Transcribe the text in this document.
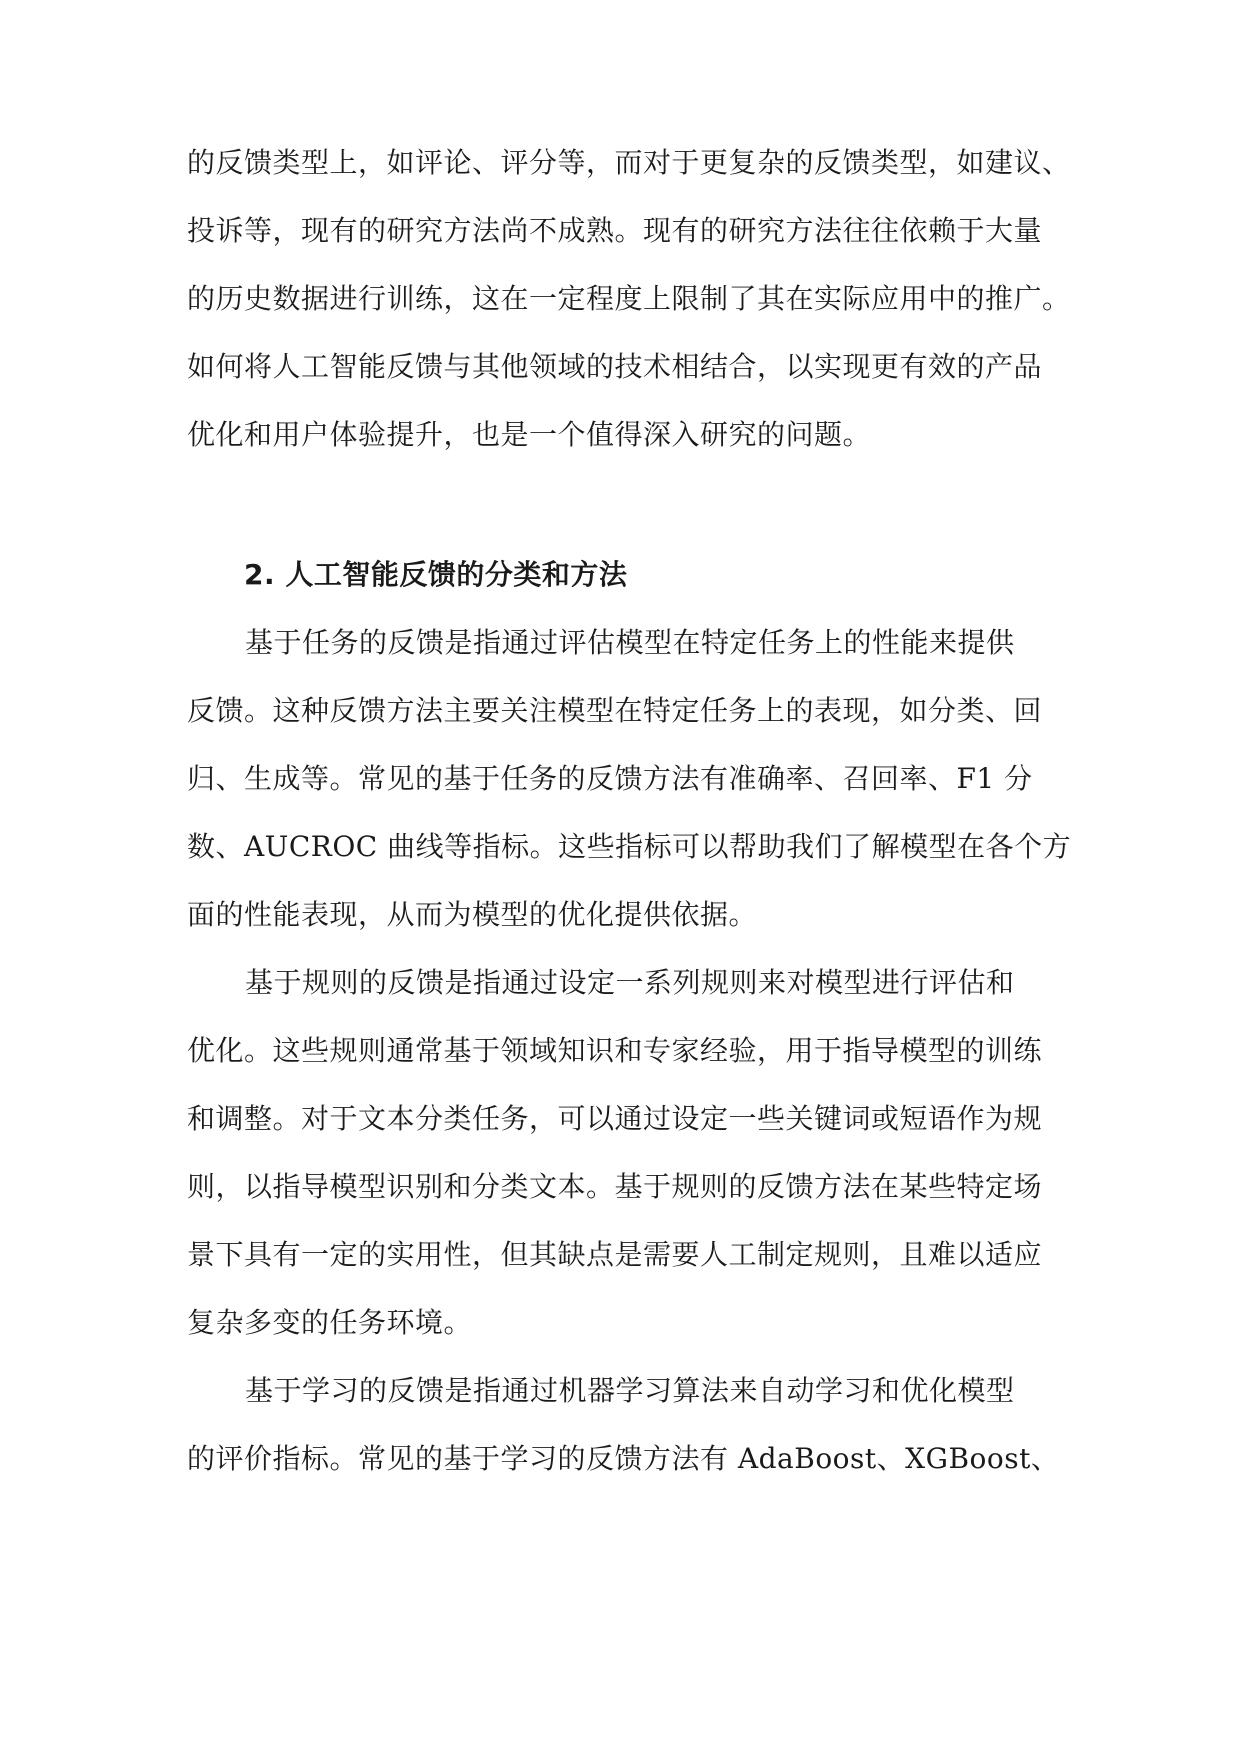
的反馈类型上，如评论、评分等，而对于更复杂的反馈类型，如建议、
投诉等，现有的研究方法尚不成熟。现有的研究方法往往依赖于大量
的历史数据进行训练，这在一定程度上限制了其在实际应用中的推广。
如何将人工智能反馈与其他领域的技术相结合，以实现更有效的产品
优化和用户体验提升，也是一个值得深入研究的问题。
2. 人工智能反馈的分类和方法
基于任务的反馈是指通过评估模型在特定任务上的性能来提供
反馈。这种反馈方法主要关注模型在特定任务上的表现，如分类、回
归、生成等。常见的基于任务的反馈方法有准确率、召回率、F1 分
数、AUCROC 曲线等指标。这些指标可以帮助我们了解模型在各个方
面的性能表现，从而为模型的优化提供依据。
基于规则的反馈是指通过设定一系列规则来对模型进行评估和
优化。这些规则通常基于领域知识和专家经验，用于指导模型的训练
和调整。对于文本分类任务，可以通过设定一些关键词或短语作为规
则，以指导模型识别和分类文本。基于规则的反馈方法在某些特定场
景下具有一定的实用性，但其缺点是需要人工制定规则，且难以适应
复杂多变的任务环境。
基于学习的反馈是指通过机器学习算法来自动学习和优化模型
的评价指标。常见的基于学习的反馈方法有 AdaBoost、XGBoost、
